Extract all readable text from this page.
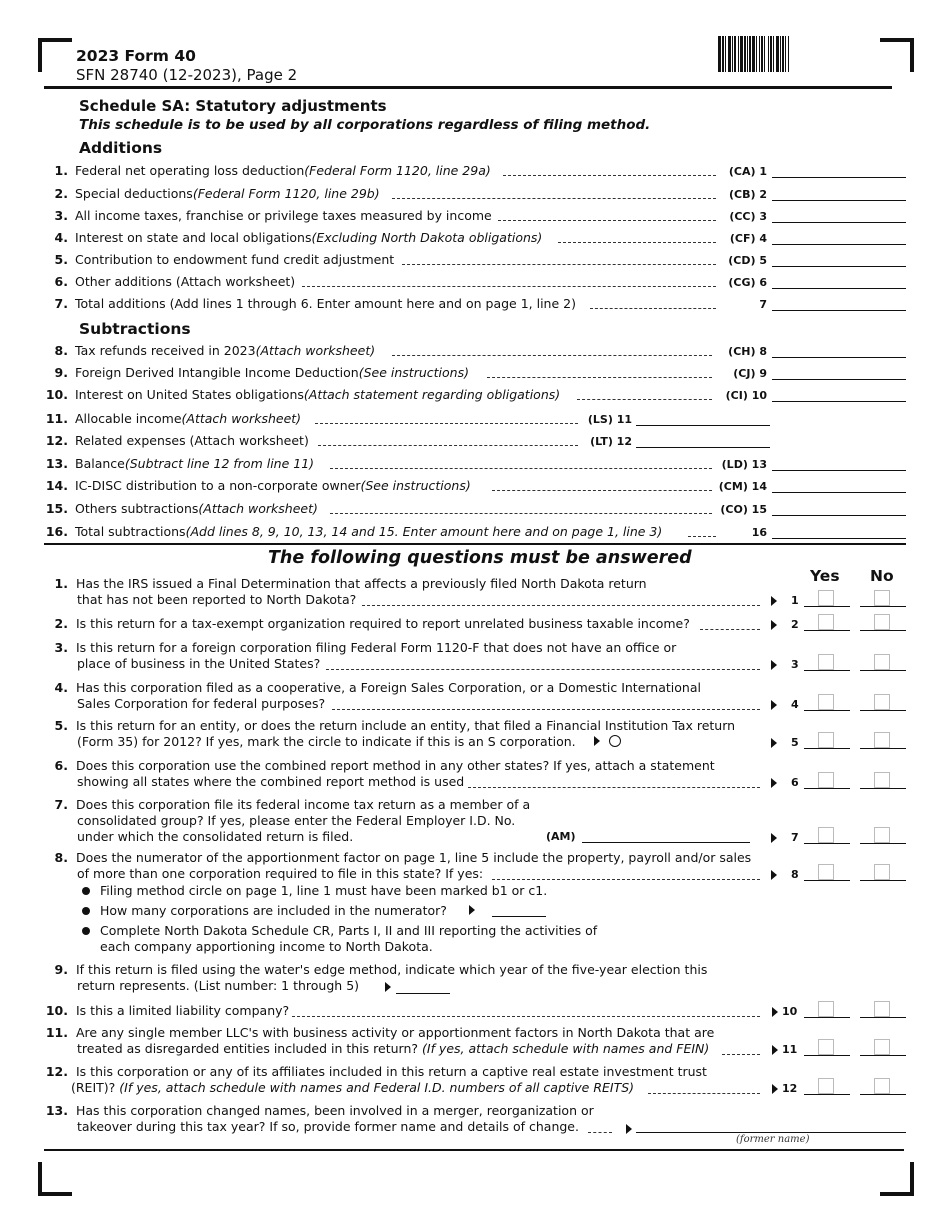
2023 Form 40
SFN 28740 (12-2023), Page 2
Schedule SA: Statutory adjustments
This schedule is to be used by all corporations regardless of filing method.
Additions
Subtractions
1. Federal net operating loss deduction (Federal Form 1120, line 29a)	(CA) 1
2. Special deductions (Federal Form 1120, line 29b)	(CB) 2
3. All income taxes, franchise or privilege taxes measured by income	(CC) 3
4. Interest on state and local obligations (Excluding North Dakota obligations)	(CF) 4
5. Contribution to endowment fund credit adjustment	(CD) 5
6. Other additions (Attach worksheet)	(CG) 6
7. Total additions (Add lines 1 through 6. Enter amount here and on page 1, line 2)	7
8. Tax refunds received in 2023 (Attach worksheet)	(CH) 8
9. Foreign Derived Intangible Income Deduction (See instructions)	(CJ) 9
10. Interest on United States obligations (Attach statement regarding obligations)	(CI) 10
11. Allocable income (Attach worksheet)	(LS) 11
12. Related expenses (Attach worksheet)	(LT) 12
13. Balance (Subtract line 12 from line 11)	(LD) 13
14. IC-DISC distribution to a non-corporate owner (See instructions)	(CM) 14
15. Others subtractions (Attach worksheet)	(CO) 15
16. Total subtractions (Add lines 8, 9, 10, 13, 14 and 15. Enter amount here and on page 1, line 3)	16
The following questions must be answered
Yes No
1. Has the IRS issued a Final Determination that affects a previously filed North Dakota return
that has not been reported to North Dakota?	1
2. Is this return for a tax-exempt organization required to report unrelated business taxable income?	2
3. Is this return for a foreign corporation filing Federal Form 1120-F that does not have an office or
place of business in the United States?	3
4. Has this corporation filed as a cooperative, a Foreign Sales Corporation, or a Domestic International
Sales Corporation for federal purposes?	4
5. Is this return for an entity, or does the return include an entity, that filed a Financial Institution Tax return
(Form 35) for 2012? If yes, mark the circle to indicate if this is an S corporation.	5
6. Does this corporation use the combined report method in any other states? If yes, attach a statement
showing all states where the combined report method is used	6
7. Does this corporation file its federal income tax return as a member of a
consolidated group? If yes, please enter the Federal Employer I.D. No.
under which the consolidated return is filed.	7
(AM)
8. Does the numerator of the apportionment factor on page 1, line 5 include the property, payroll and/or sales
of more than one corporation required to file in this state? If yes:	8
9. If this return is filed using the water's edge method, indicate which year of the five-year election this
return represents. (List number: 1 through 5)
10. Is this a limited liability company?	10
11. Are any single member LLC's with business activity or apportionment factors in North Dakota that are
treated as disregarded entities included in this return? (If yes, attach schedule with names and FEIN)	11
12. Is this corporation or any of its affiliates included in this return a captive real estate investment trust
(REIT)? (If yes, attach schedule with names and Federal I.D. numbers of all captive REITS)	12
13. Has this corporation changed names, been involved in a merger, reorganization or
takeover during this tax year? If so, provide former name and details of change.
(former name)
Filing method circle on page 1, line 1 must have been marked b1 or c1.
How many corporations are included in the numerator?
Complete North Dakota Schedule CR, Parts I, II and III reporting the activities of
each company apportioning income to North Dakota.
